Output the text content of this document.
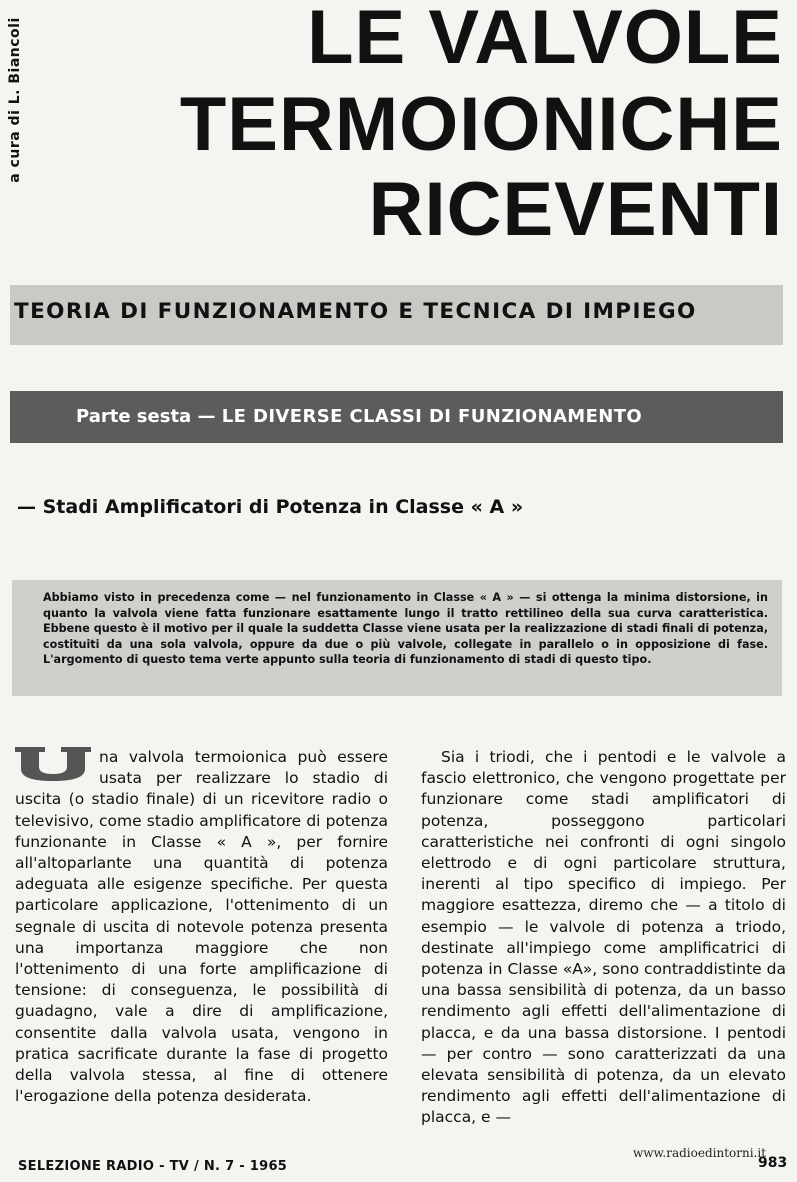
a cura di L. Biancoli	LE VALVOLE
TERMOIONICHE
RICEVENTI
TEORIA DI FUNZIONAMENTO E TECNICA DI IMPIEGO
Parte sesta — LE DIVERSE CLASSI DI FUNZIONAMENTO
— Stadi Amplificatori di Potenza in Classe « A »

Abbiamo visto in precedenza come — nel funzionamento in Classe « A » — si ottenga la minima distorsione, in quanto la valvola viene fatta funzionare esattamente lungo il tratto rettilineo della sua curva caratteristica. Ebbene questo è il motivo per il quale la suddetta Classe viene usata per la realizzazione di stadi finali di potenza, costituiti da una sola valvola, oppure da due o più valvole, collegate in parallelo o in opposizione di fase. L'argomento di questo tema verte appunto sulla teoria di funzionamento di stadi di questo tipo.

U
na valvola termoionica può essere usata per realizzare lo stadio di uscita (o stadio finale) di un ricevitore radio o televisivo, come stadio amplificatore di potenza funzionante in Classe « A », per fornire all'altoparlante una quantità di potenza adeguata alle esigenze specifiche. Per questa particolare applicazione, l'ottenimento di un segnale di uscita di notevole potenza presenta una importanza maggiore che non l'ottenimento di una forte amplificazione di tensione: di conseguenza, le possibilità di guadagno, vale a dire di amplificazione, consentite dalla valvola usata, vengono in pratica sacrificate durante la fase di progetto della valvola stessa, al fine di ottenere l'erogazione della potenza desiderata.

Sia i triodi, che i pentodi e le valvole a fascio elettronico, che vengono progettate per funzionare come stadi amplificatori di potenza, posseggono particolari caratteristiche nei confronti di ogni singolo elettrodo e di ogni particolare struttura, inerenti al tipo specifico di impiego. Per maggiore esattezza, diremo che — a titolo di esempio — le valvole di potenza a triodo, destinate all'impiego come amplificatrici di potenza in Classe «A», sono contraddistinte da una bassa sensibilità di potenza, da un basso rendimento agli effetti dell'alimentazione di placca, e da una bassa distorsione. I pentodi — per contro — sono caratterizzati da una elevata sensibilità di potenza, da un elevato rendimento agli effetti dell'alimentazione di placca, e —

SELEZIONE RADIO - TV / N. 7 - 1965
www.radioedintorni.it
983
